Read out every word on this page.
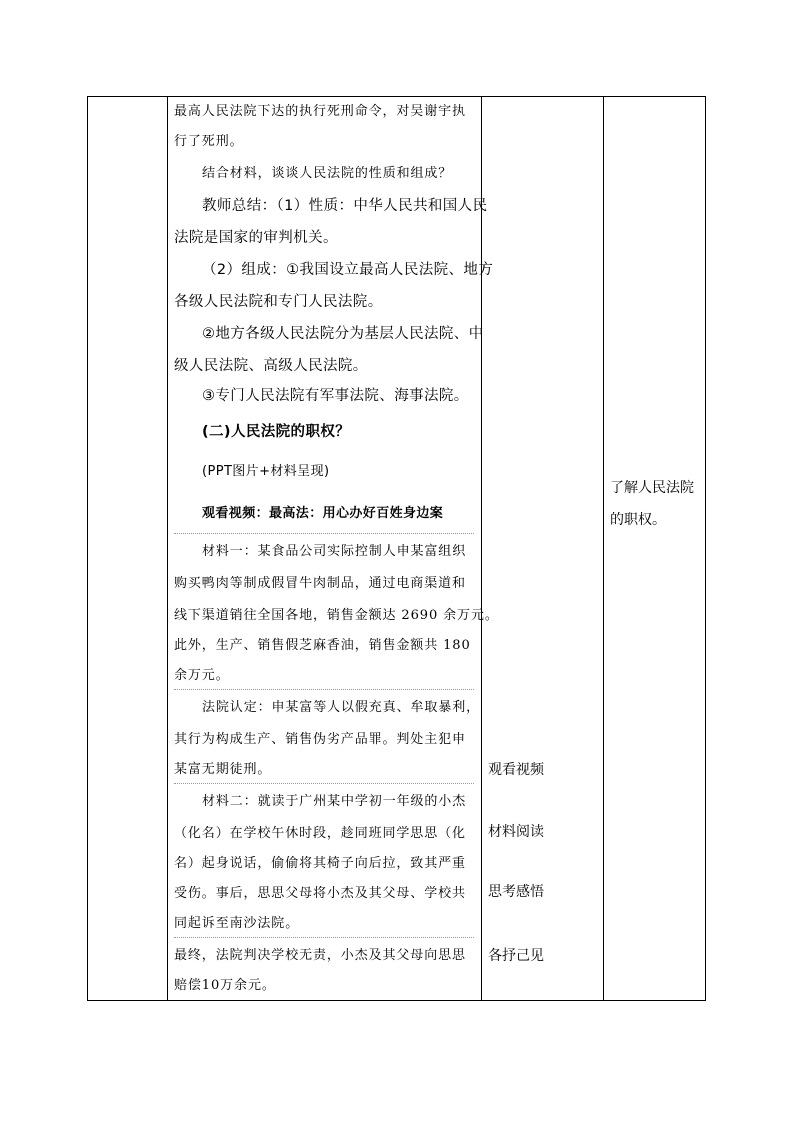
最高人民法院下达的执行死刑命令，对吴谢宇执
行了死刑。
结合材料，谈谈人民法院的性质和组成？
教师总结：（1）性质：中华人民共和国人民
法院是国家的审判机关。
（2）组成：①我国设立最高人民法院、地方
各级人民法院和专门人民法院。
②地方各级人民法院分为基层人民法院、中
级人民法院、高级人民法院。
③专门人民法院有军事法院、海事法院。
(二)人民法院的职权？
(PPT图片+材料呈现)
观看视频：最高法：用心办好百姓身边案
材料一：某食品公司实际控制人申某富组织
购买鸭肉等制成假冒牛肉制品，通过电商渠道和
线下渠道销往全国各地，销售金额达 2690 余万元。
此外，生产、销售假芝麻香油，销售金额共 180
余万元。
法院认定：申某富等人以假充真、牟取暴利，
其行为构成生产、销售伪劣产品罪。判处主犯申
某富无期徒刑。
材料二：就读于广州某中学初一年级的小杰
（化名）在学校午休时段，趁同班同学思思（化
名）起身说话，偷偷将其椅子向后拉，致其严重
受伤。事后，思思父母将小杰及其父母、学校共
同起诉至南沙法院。
最终，法院判决学校无责，小杰及其父母向思思
赔偿10万余元。
观看视频
材料阅读
思考感悟
各抒己见
了解人民法院
的职权。
